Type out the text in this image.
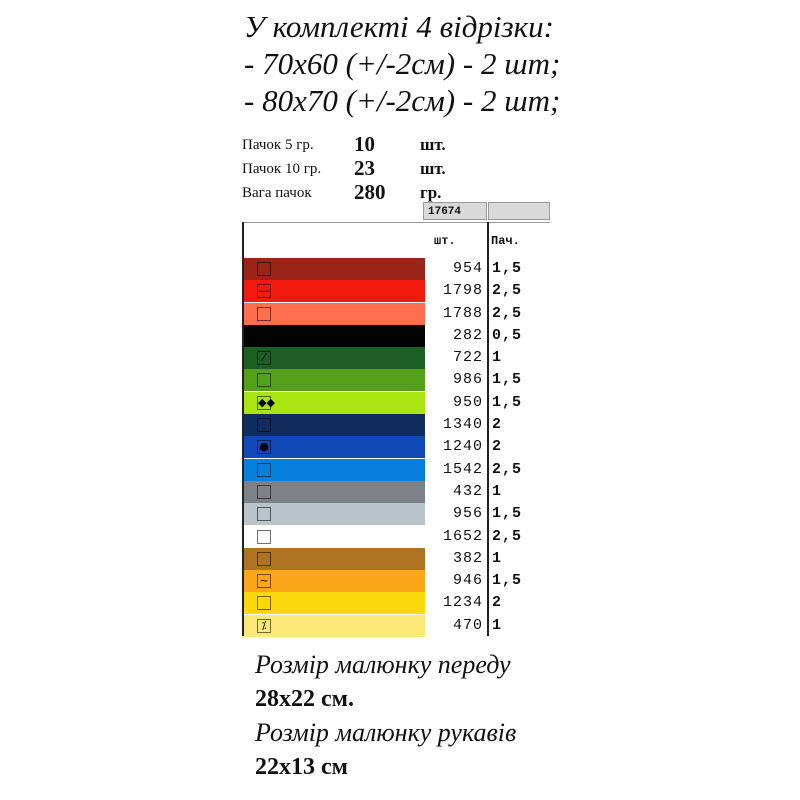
У комплекті 4 відрізки:
- 70х60 (+/-2см) - 2 шт;
- 80х70 (+/-2см) - 2 шт;
Пачок 5 гр. 10	шт.
Пачок 10 гр. 23	шт.
Вага пачок 280 гр.
17674
шт.	Пач.
954 1,5
—	1798 2,5
1788 2,5
282 0,5
⁄	722 1
986 1,5
◆◆	950 1,5
1340 2
●	1240 2
1542 2,5
432 1
956 1,5
1652 2,5
382 1
~	946 1,5
1234 2
⁒	470 1
Розмір малюнку переду
28х22 см.
Розмір малюнку рукавів
22х13 см
